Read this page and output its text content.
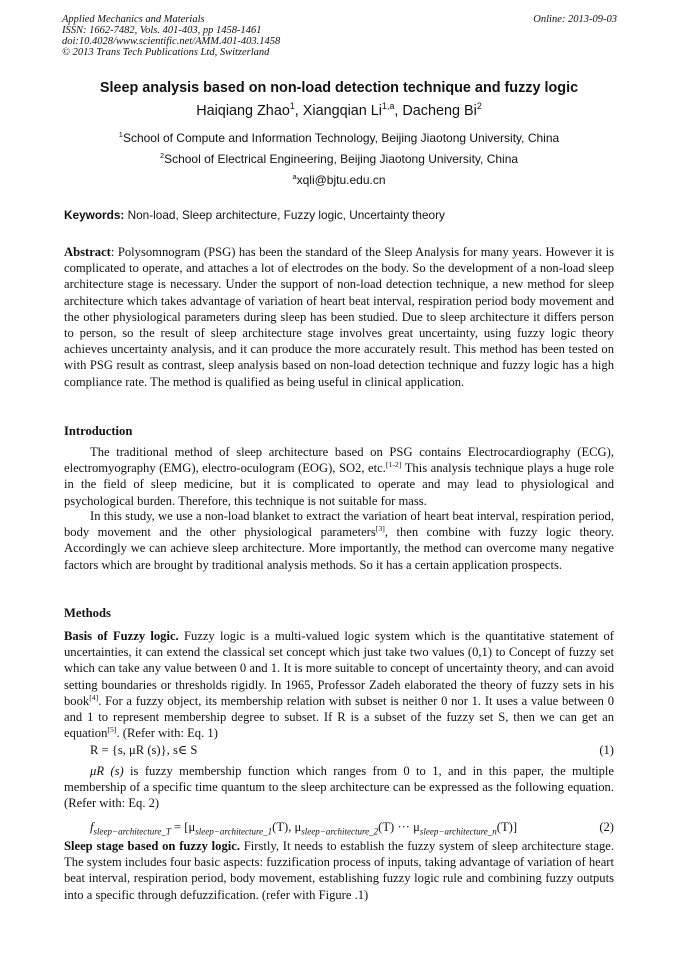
Applied Mechanics and Materials
ISSN: 1662-7482, Vols. 401-403, pp 1458-1461
doi:10.4028/www.scientific.net/AMM.401-403.1458
© 2013 Trans Tech Publications Ltd, Switzerland
Online: 2013-09-03
Sleep analysis based on non-load detection technique and fuzzy logic
Haiqiang Zhao$^1$, Xiangqian Li$^{1,a}$, Dacheng Bi$^2$
$^1$School of Compute and Information Technology, Beijing Jiaotong University, China
$^2$School of Electrical Engineering, Beijing Jiaotong University, China
$^a$xqli@bjtu.edu.cn
Keywords: Non-load, Sleep architecture, Fuzzy logic, Uncertainty theory

Abstract: Polysomnogram (PSG) has been the standard of the Sleep Analysis for many years. However it is complicated to operate, and attaches a lot of electrodes on the body. So the development of a non-load sleep architecture stage is necessary. Under the support of non-load detection technique, a new method for sleep architecture which takes advantage of variation of heart beat interval, respiration period body movement and the other physiological parameters during sleep has been studied. Due to sleep architecture it differs person to person, so the result of sleep architecture stage involves great uncertainty, using fuzzy logic theory achieves uncertainty analysis, and it can produce the more accurately result. This method has been tested on with PSG result as contrast, sleep analysis based on non-load detection technique and fuzzy logic has a high compliance rate. The method is qualified as being useful in clinical application.

Introduction

The traditional method of sleep architecture based on PSG contains Electrocardiography (ECG), electromyography (EMG), electro-oculogram (EOG), SO2, etc.[1-2] This analysis technique plays a huge role in the field of sleep medicine, but it is complicated to operate and may lead to physiological and psychological burden. Therefore, this technique is not suitable for mass.

In this study, we use a non-load blanket to extract the variation of heart beat interval, respiration period, body movement and the other physiological parameters[3], then combine with fuzzy logic theory. Accordingly we can achieve sleep architecture. More importantly, the method can overcome many negative factors which are brought by traditional analysis methods. So it has a certain application prospects.

Methods

Basis of Fuzzy logic. Fuzzy logic is a multi-valued logic system which is the quantitative statement of uncertainties, it can extend the classical set concept which just take two values (0,1) to Concept of fuzzy set which can take any value between 0 and 1. It is more suitable to concept of uncertainty theory, and can avoid setting boundaries or thresholds rigidly. In 1965, Professor Zadeh elaborated the theory of fuzzy sets in his book[4]. For a fuzzy object, its membership relation with subset is neither 0 nor 1. It uses a value between 0 and 1 to represent membership degree to subset. If R is a subset of the fuzzy set S, then we can get an equation[5]. (Refer with: Eq. 1)

R = {s, μR (s)}, s∈ S	(1)

μR (s) is fuzzy membership function which ranges from 0 to 1, and in this paper, the multiple membership of a specific time quantum to the sleep architecture can be expressed as the following equation.(Refer with: Eq. 2)

$f_{sleep-architecture\_T} = [\mu_{sleep-architecture\_1}(T)$, $\mu_{sleep-architecture\_2}(T)$ ··· $\mu_{sleep-architecture\_n}(T)$]	(2)

Sleep stage based on fuzzy logic. Firstly, It needs to establish the fuzzy system of sleep architecture stage. The system includes four basic aspects: fuzzification process of inputs, taking advantage of variation of heart beat interval, respiration period, body movement, establishing fuzzy logic rule and combining fuzzy outputs into a specific through defuzzification. (refer with Figure .1)
